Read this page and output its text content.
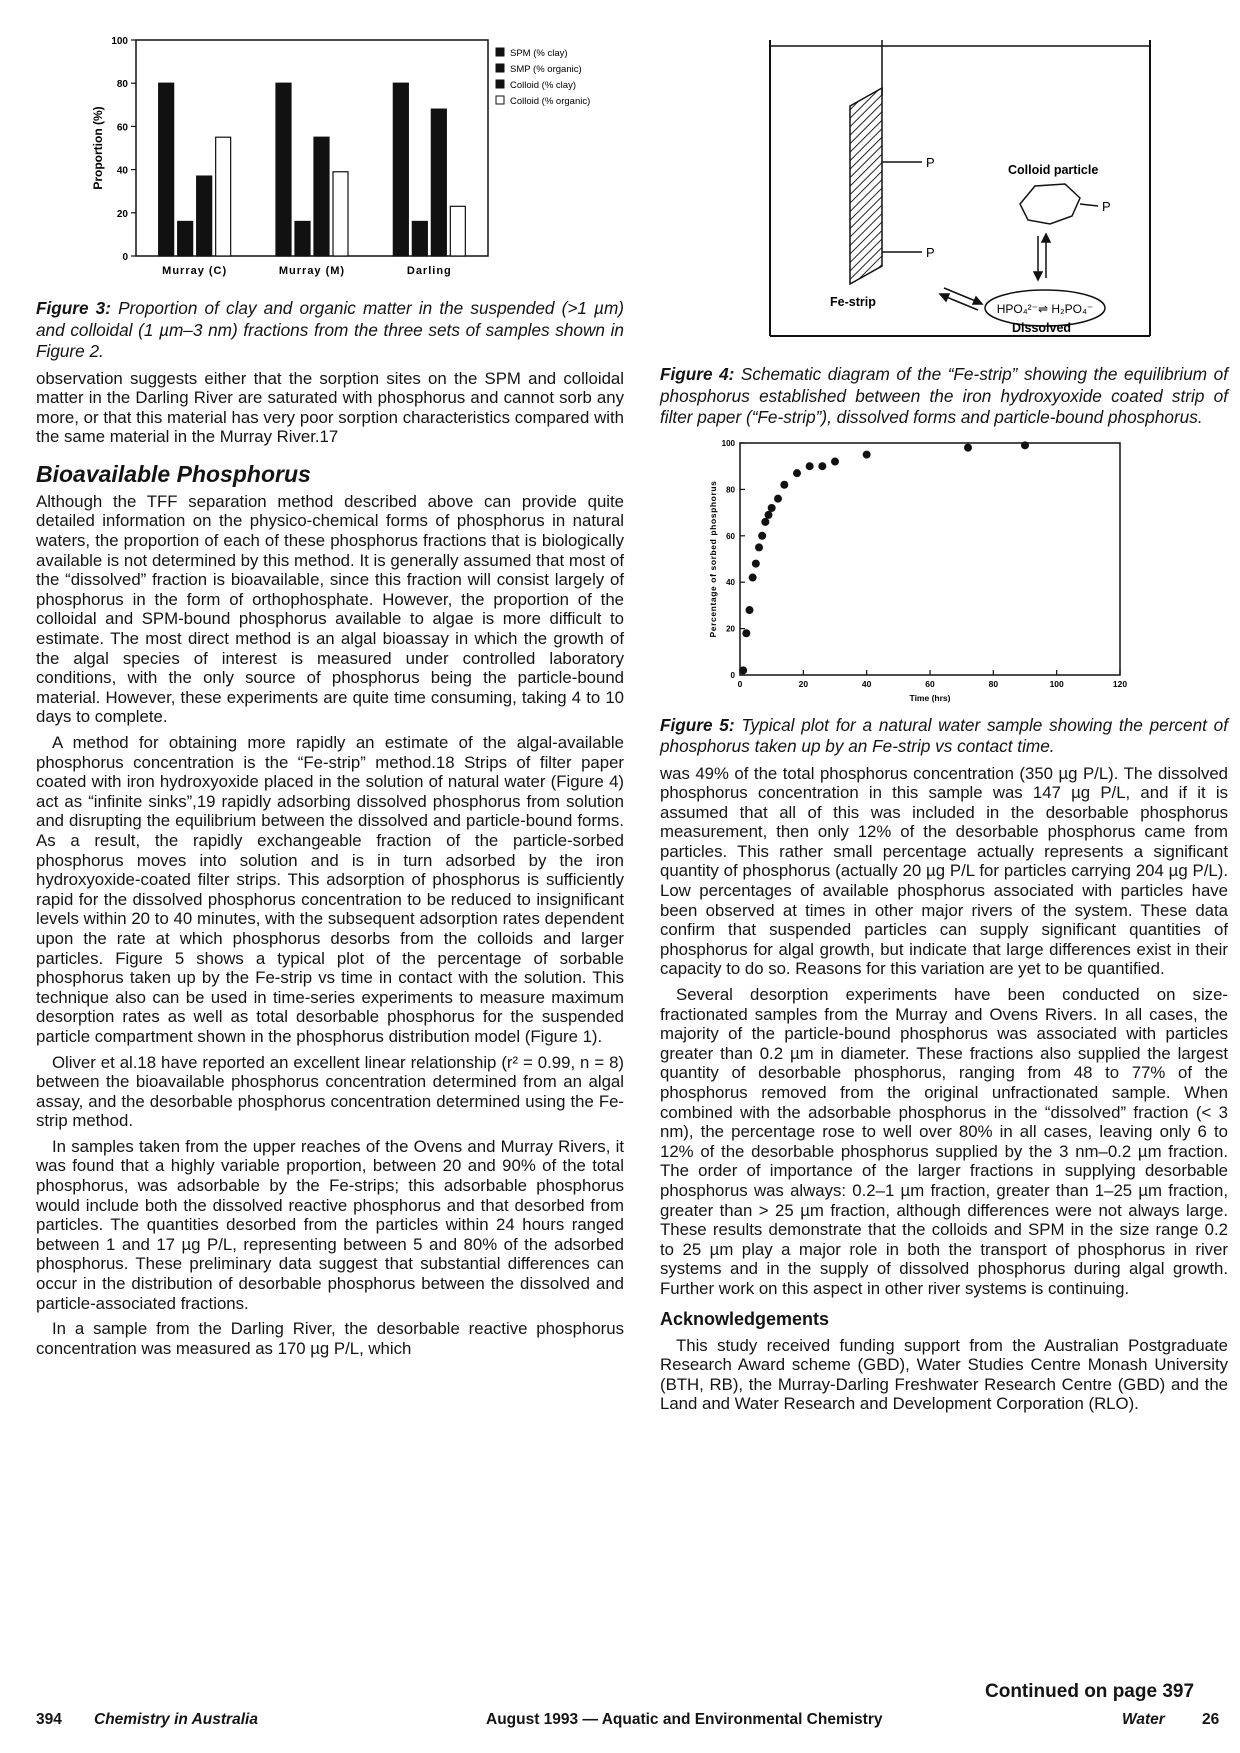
0
20
40
60
80
100
Proportion (%)
Murray (C)	Murray (M)	Darling
SPM (% clay)
SMP (% organic)
Colloid (% clay)
Colloid (% organic)

Figure 3: Proportion of clay and organic matter in the suspended (>1 µm) and colloidal (1 µm–3 nm) fractions from the three sets of samples shown in Figure 2.

observation suggests either that the sorption sites on the SPM and colloidal matter in the Darling River are saturated with phosphorus and cannot sorb any more, or that this material has very poor sorption characteristics compared with the same material in the Murray River.17

Bioavailable Phosphorus

Although the TFF separation method described above can provide quite detailed information on the physico-chemical forms of phosphorus in natural waters, the proportion of each of these phosphorus fractions that is biologically available is not determined by this method. It is generally assumed that most of the “dissolved” fraction is bioavailable, since this fraction will consist largely of phosphorus in the form of orthophosphate. However, the proportion of the colloidal and SPM-bound phosphorus available to algae is more difficult to estimate. The most direct method is an algal bioassay in which the growth of the algal species of interest is measured under controlled laboratory conditions, with the only source of phosphorus being the particle-bound material. However, these experiments are quite time consuming, taking 4 to 10 days to complete.

A method for obtaining more rapidly an estimate of the algal-available phosphorus concentration is the “Fe-strip” method.18 Strips of filter paper coated with iron hydroxyoxide placed in the solution of natural water (Figure 4) act as “infinite sinks”,19 rapidly adsorbing dissolved phosphorus from solution and disrupting the equilibrium between the dissolved and particle-bound forms. As a result, the rapidly exchangeable fraction of the particle-sorbed phosphorus moves into solution and is in turn adsorbed by the iron hydroxyoxide-coated filter strips. This adsorption of phosphorus is sufficiently rapid for the dissolved phosphorus concentration to be reduced to insignificant levels within 20 to 40 minutes, with the subsequent adsorption rates dependent upon the rate at which phosphorus desorbs from the colloids and larger particles. Figure 5 shows a typical plot of the percentage of sorbable phosphorus taken up by the Fe-strip vs time in contact with the solution. This technique also can be used in time-series experiments to measure maximum desorption rates as well as total desorbable phosphorus for the suspended particle compartment shown in the phosphorus distribution model (Figure 1).

Oliver et al.18 have reported an excellent linear relationship (r² = 0.99, n = 8) between the bioavailable phosphorus concentration determined from an algal assay, and the desorbable phosphorus concentration determined using the Fe-strip method.

In samples taken from the upper reaches of the Ovens and Murray Rivers, it was found that a highly variable proportion, between 20 and 90% of the total phosphorus, was adsorbable by the Fe-strips; this adsorbable phosphorus would include both the dissolved reactive phosphorus and that desorbed from particles. The quantities desorbed from the particles within 24 hours ranged between 1 and 17 µg P/L, representing between 5 and 80% of the adsorbed phosphorus. These preliminary data suggest that substantial differences can occur in the distribution of desorbable phosphorus between the dissolved and particle-associated fractions.

In a sample from the Darling River, the desorbable reactive phosphorus concentration was measured as 170 µg P/L, which

P
P
Colloid particle
P
HPO₄²⁻⇌ H₂PO₄⁻
Fe-strip
Dissolved

Figure 4: Schematic diagram of the “Fe-strip” showing the equilibrium of phosphorus established between the iron hydroxyoxide coated strip of filter paper (“Fe-strip”), dissolved forms and particle-bound phosphorus.

0
20
40
60
80
100
0	20	40	60	80	100	120
Time (hrs)
Percentage of sorbed phosphorus

Figure 5: Typical plot for a natural water sample showing the percent of phosphorus taken up by an Fe-strip vs contact time.

was 49% of the total phosphorus concentration (350 µg P/L). The dissolved phosphorus concentration in this sample was 147 µg P/L, and if it is assumed that all of this was included in the desorbable phosphorus measurement, then only 12% of the desorbable phosphorus came from particles. This rather small percentage actually represents a significant quantity of phosphorus (actually 20 µg P/L for particles carrying 204 µg P/L). Low percentages of available phosphorus associated with particles have been observed at times in other major rivers of the system. These data confirm that suspended particles can supply significant quantities of phosphorus for algal growth, but indicate that large differences exist in their capacity to do so. Reasons for this variation are yet to be quantified.

Several desorption experiments have been conducted on size-fractionated samples from the Murray and Ovens Rivers. In all cases, the majority of the particle-bound phosphorus was associated with particles greater than 0.2 µm in diameter. These fractions also supplied the largest quantity of desorbable phosphorus, ranging from 48 to 77% of the phosphorus removed from the original unfractionated sample. When combined with the adsorbable phosphorus in the “dissolved” fraction (< 3 nm), the percentage rose to well over 80% in all cases, leaving only 6 to 12% of the desorbable phosphorus supplied by the 3 nm–0.2 µm fraction. The order of importance of the larger fractions in supplying desorbable phosphorus was always: 0.2–1 µm fraction, greater than 1–25 µm fraction, greater than > 25 µm fraction, although differences were not always large. These results demonstrate that the colloids and SPM in the size range 0.2 to 25 µm play a major role in both the transport of phosphorus in river systems and in the supply of dissolved phosphorus during algal growth. Further work on this aspect in other river systems is continuing.

Acknowledgements

This study received funding support from the Australian Postgraduate Research Award scheme (GBD), Water Studies Centre Monash University (BTH, RB), the Murray-Darling Freshwater Research Centre (GBD) and the Land and Water Research and Development Corporation (RLO).

Continued on page 397
394 Chemistry in Australia	August 1993 — Aquatic and Environmental Chemistry	Water 26
